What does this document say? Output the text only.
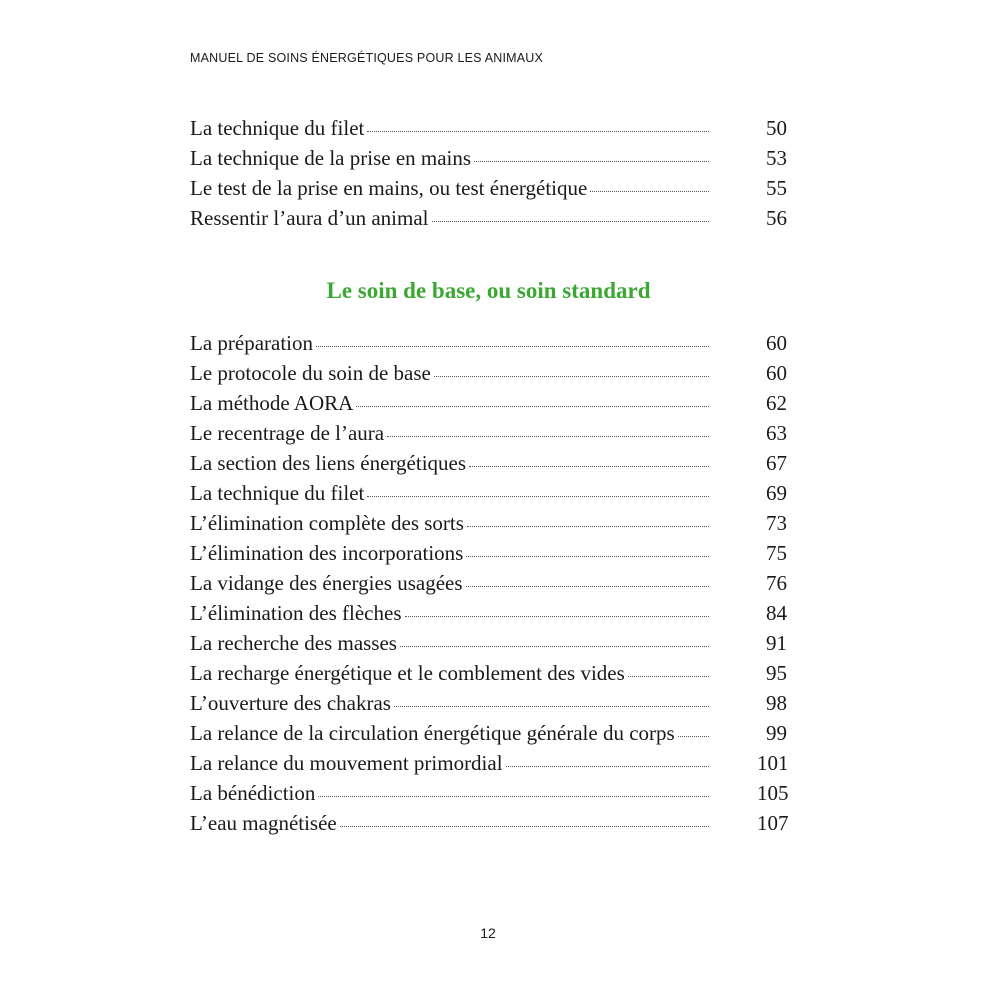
MANUEL DE SOINS ÉNERGÉTIQUES POUR LES ANIMAUX
La technique du filet	50
La technique de la prise en mains	53
Le test de la prise en mains, ou test énergétique	55
Ressentir l’aura d’un animal	56
Le soin de base, ou soin standard
La préparation	60
Le protocole du soin de base	60
La méthode AORA	62
Le recentrage de l’aura	63
La section des liens énergétiques	67
La technique du filet	69
L’élimination complète des sorts	73
L’élimination des incorporations	75
La vidange des énergies usagées	76
L’élimination des flèches	84
La recherche des masses	91
La recharge énergétique et le comblement des vides	95
L’ouverture des chakras	98
La relance de la circulation énergétique générale du corps	99
La relance du mouvement primordial	101
La bénédiction	105
L’eau magnétisée	107
12
